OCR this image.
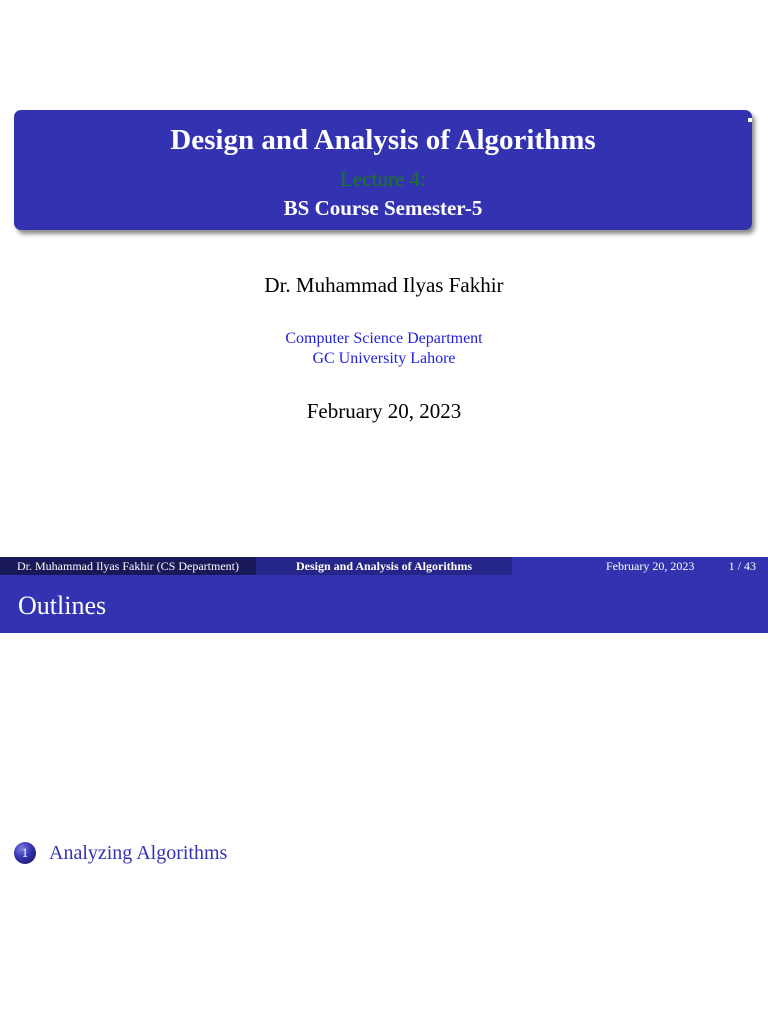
Design and Analysis of Algorithms
Lecture 4:
BS Course Semester-5
Dr. Muhammad Ilyas Fakhir
Computer Science Department
GC University Lahore
February 20, 2023
Dr. Muhammad Ilyas Fakhir (CS Department)	Design and Analysis of Algorithms	February 20, 2023	1 / 43
Outlines
1	Analyzing Algorithms
